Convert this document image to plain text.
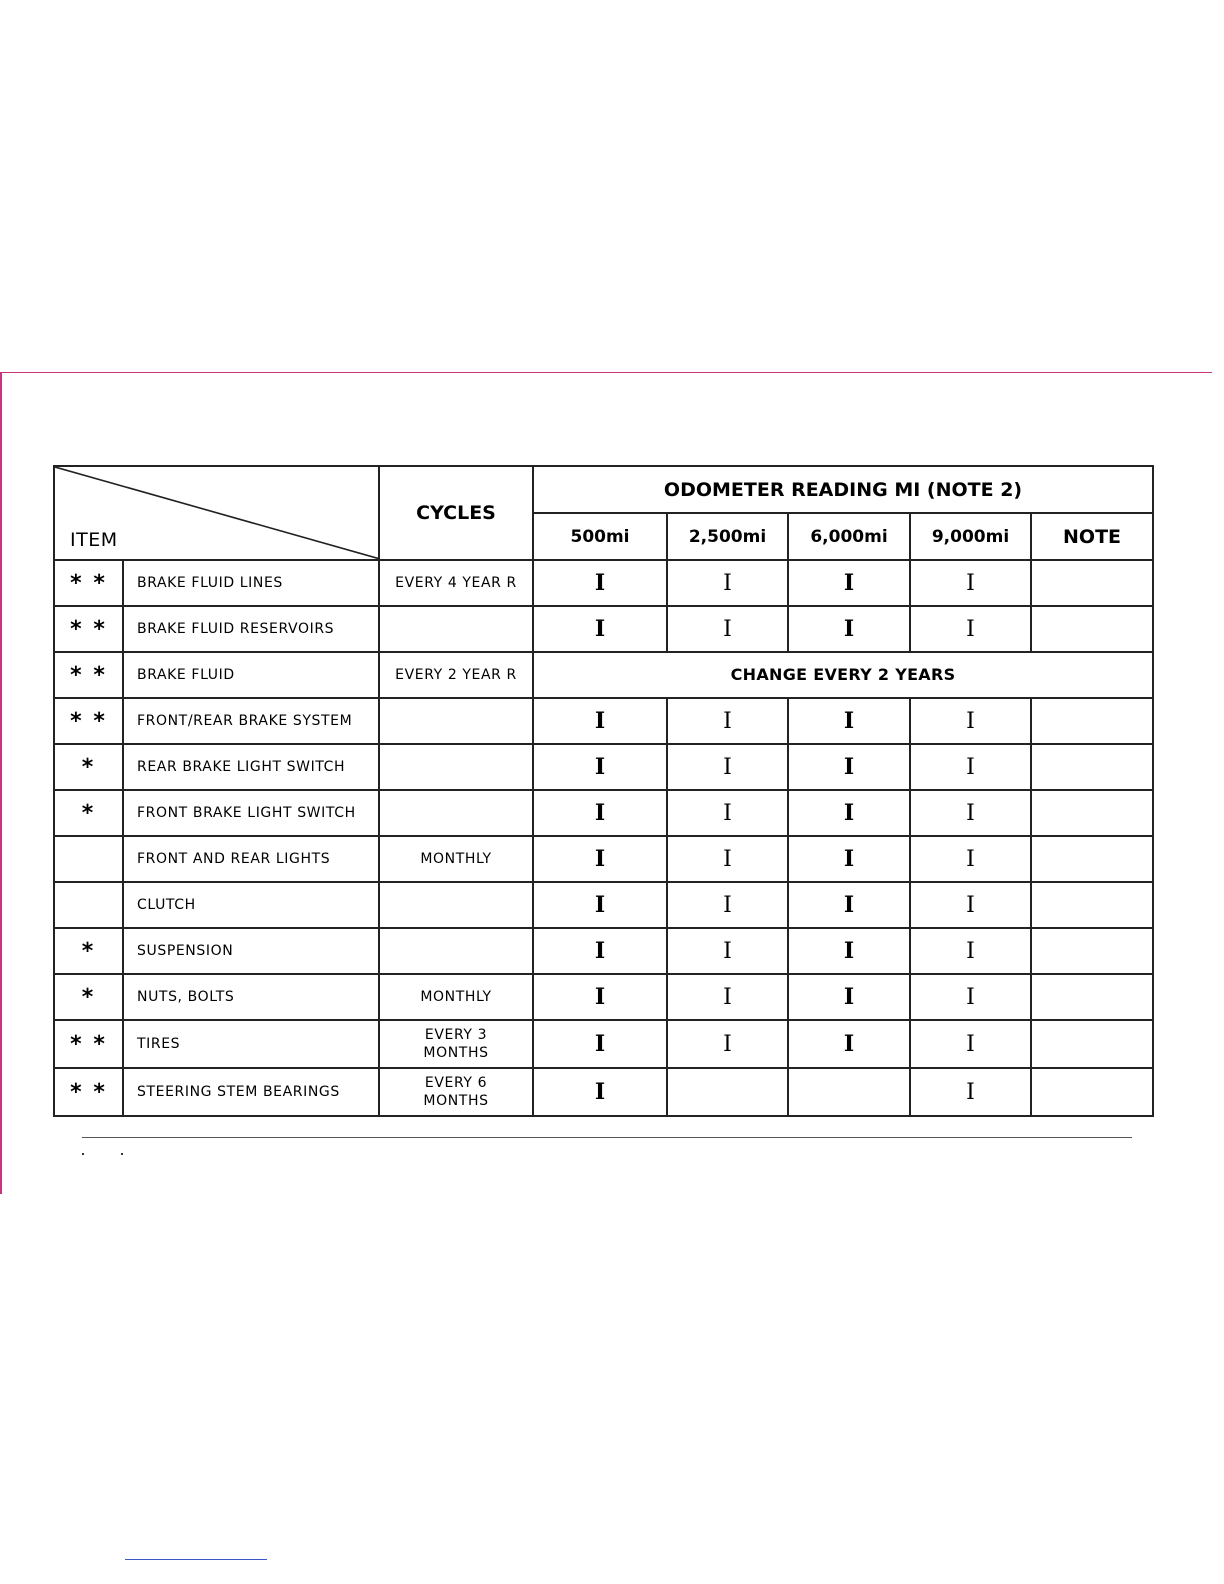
ITEM		CYCLES	ODOMETER READING MI (NOTE 2)				
			500mi	2,500mi	6,000mi	9,000mi	NOTE
* *	BRAKE FLUID LINES	EVERY 4 YEAR R	I	I	I	I	
* *	BRAKE FLUID RESERVOIRS		I	I	I	I	
* *	BRAKE FLUID	EVERY 2 YEAR R	CHANGE EVERY 2 YEARS				
* *	FRONT/REAR BRAKE SYSTEM		I	I	I	I	
*	REAR BRAKE LIGHT SWITCH		I	I	I	I	
*	FRONT BRAKE LIGHT SWITCH		I	I	I	I	
	FRONT AND REAR LIGHTS	MONTHLY	I	I	I	I	
	CLUTCH		I	I	I	I	
*	SUSPENSION		I	I	I	I	
*	NUTS, BOLTS	MONTHLY	I	I	I	I	
* *	TIRES	EVERY 3
MONTHS	I	I	I	I	
* *	STEERING STEM BEARINGS	EVERY 6
MONTHS	I			I	
